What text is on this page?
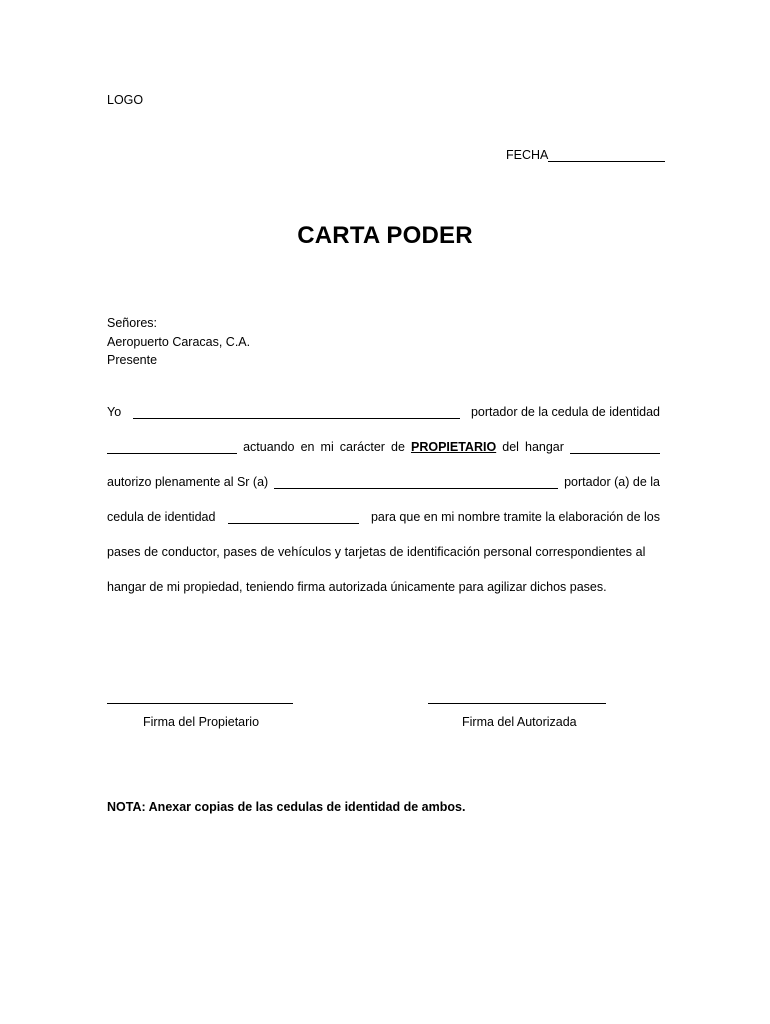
LOGO
FECHA
CARTA PODER
Señores:
Aeropuerto Caracas, C.A.
Presente
Yo	portador de la cedula de identidad
actuando en mi carácter de PROPIETARIO del hangar
autorizo plenamente al Sr (a)	portador (a) de la
cedula de identidad	para que en mi nombre tramite la elaboración de los
pases de conductor, pases de vehículos y tarjetas de identificación personal correspondientes al
hangar de mi propiedad, teniendo firma autorizada únicamente para agilizar dichos pases.
Firma del Propietario	Firma del Autorizada
NOTA: Anexar copias de las cedulas de identidad de ambos.
